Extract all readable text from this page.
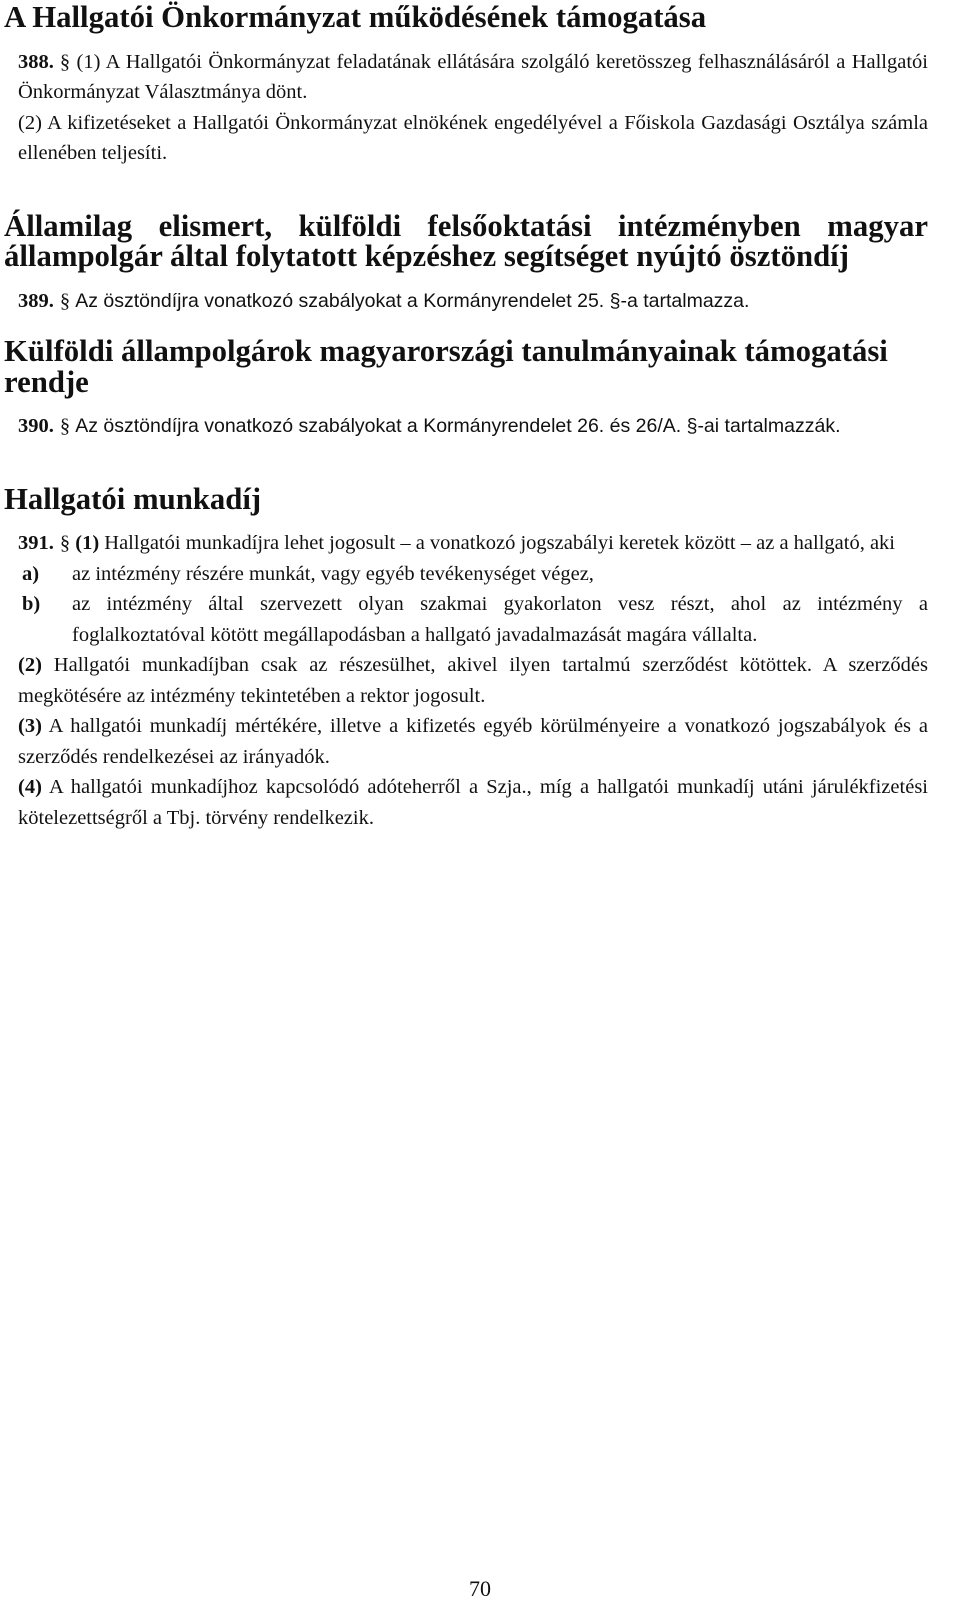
A Hallgatói Önkormányzat működésének támogatása

388. § (1) A Hallgatói Önkormányzat feladatának ellátására szolgáló keretösszeg felhasználásáról a Hallgatói Önkormányzat Választmánya dönt.

(2) A kifizetéseket a Hallgatói Önkormányzat elnökének engedélyével a Főiskola Gazdasági Osztálya számla ellenében teljesíti.

Államilag elismert, külföldi felsőoktatási intézményben magyar állampolgár által folytatott képzéshez segítséget nyújtó ösztöndíj

389. § Az ösztöndíjra vonatkozó szabályokat a Kormányrendelet 25. §-a tartalmazza.

Külföldi állampolgárok magyarországi tanulmányainak támogatási rendje

390. § Az ösztöndíjra vonatkozó szabályokat a Kormányrendelet 26. és 26/A. §-ai tartalmazzák.

Hallgatói munkadíj

391. § (1) Hallgatói munkadíjra lehet jogosult – a vonatkozó jogszabályi keretek között – az a hallgató, aki

a) az intézmény részére munkát, vagy egyéb tevékenységet végez,
b) az intézmény által szervezett olyan szakmai gyakorlaton vesz részt, ahol az intézmény a foglalkoztatóval kötött megállapodásban a hallgató javadalmazását magára vállalta.

(2) Hallgatói munkadíjban csak az részesülhet, akivel ilyen tartalmú szerződést kötöttek. A szerződés megkötésére az intézmény tekintetében a rektor jogosult.

(3) A hallgatói munkadíj mértékére, illetve a kifizetés egyéb körülményeire a vonatkozó jogszabályok és a szerződés rendelkezései az irányadók.

(4) A hallgatói munkadíjhoz kapcsolódó adóteherről a Szja., míg a hallgatói munkadíj utáni járulékfizetési kötelezettségről a Tbj. törvény rendelkezik.

70
